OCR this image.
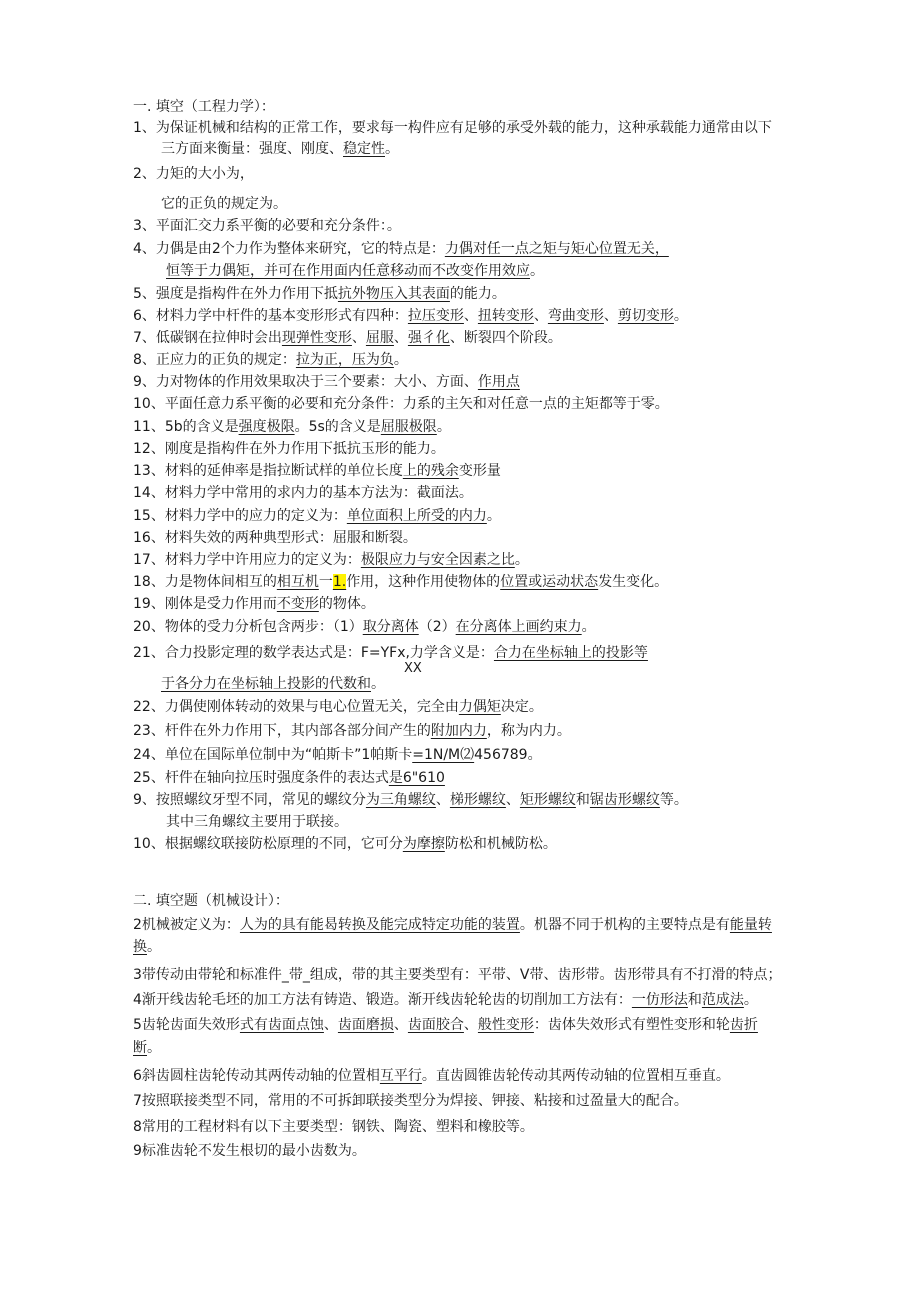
一. 填空（工程力学）：
1、为保证机械和结构的正常工作，要求每一构件应有足够的承受外载的能力，这种承载能力通常由以下
三方面来衡量：强度、刚度、稳定性。
2、力矩的大小为，
它的正负的规定为。
3、平面汇交力系平衡的必要和充分条件：。
4、力偶是由2个力作为整体来研究，它的特点是：力偶对任一点之矩与矩心位置无关，
恒等于力偶矩，并可在作用面内任意移动而不改变作用效应。
5、强度是指构件在外力作用下抵抗外物压入其表面的能力。
6、材料力学中杆件的基本变形形式有四种：拉压变形、扭转变形、弯曲变形、剪切变形。
7、低碳钢在拉伸时会出现弹性变形、屈服、强彳化、断裂四个阶段。
8、正应力的正负的规定：拉为正，压为负。
9、力对物体的作用效果取决于三个要素：大小、方面、作用点
10、平面任意力系平衡的必要和充分条件：力系的主矢和对任意一点的主矩都等于零。
11、5b的含义是强度极限。5s的含义是屈服极限。
12、刚度是指构件在外力作用下抵抗玉形的能力。
13、材料的延伸率是指拉断试样的单位长度上的残余变形量
14、材料力学中常用的求内力的基本方法为：截面法。
15、材料力学中的应力的定义为：单位面积上所受的内力。
16、材料失效的两种典型形式：屈服和断裂。
17、材料力学中许用应力的定义为：极限应力与安全因素之比。
18、力是物体间相互的相互机一1.作用，这种作用使物体的位置或运动状态发生变化。
19、刚体是受力作用而不变形的物体。
20、物体的受力分析包含两步：（1）取分离体（2）在分离体上画约束力。
21、合力投影定理的数学表达式是：F=YFx,力学含义是：合力在坐标轴上的投影等
XX
于各分力在坐标轴上投影的代数和。
22、力偶使刚体转动的效果与电心位置无关，完全由力偶矩决定。
23、杆件在外力作用下，其内部各部分间产生的附加内力，称为内力。
24、单位在国际单位制中为“帕斯卡”1帕斯卡=1N/M⑵456789。
25、杆件在轴向拉压时强度条件的表达式是6"610
9、按照螺纹牙型不同，常见的螺纹分为三角螺纹、梯形螺纹、矩形螺纹和锯齿形螺纹等。
其中三角螺纹主要用于联接。
10、根据螺纹联接防松原理的不同，它可分为摩擦防松和机械防松。
二. 填空题（机械设计）：
2机械被定义为：人为的具有能曷转换及能完成特定功能的装置。机器不同于机构的主要特点是有能量转
换。
3带传动由带轮和标准件_带_组成，带的其主要类型有：平带、V带、齿形带。齿形带具有不打滑的特点；
4渐开线齿轮毛坯的加工方法有铸造、锻造。渐开线齿轮轮齿的切削加工方法有：一仿形法和范成法。
5齿轮齿面失效形式有齿面点蚀、齿面磨损、齿面胶合、般性变形：齿体失效形式有塑性变形和轮齿折
断。
6斜齿圆柱齿轮传动其两传动轴的位置相互平行。直齿圆锥齿轮传动其两传动轴的位置相互垂直。
7按照联接类型不同，常用的不可拆卸联接类型分为焊接、钾接、粘接和过盈量大的配合。
8常用的工程材料有以下主要类型：钢铁、陶瓷、塑料和橡胶等。
9标准齿轮不发生根切的最小齿数为。
